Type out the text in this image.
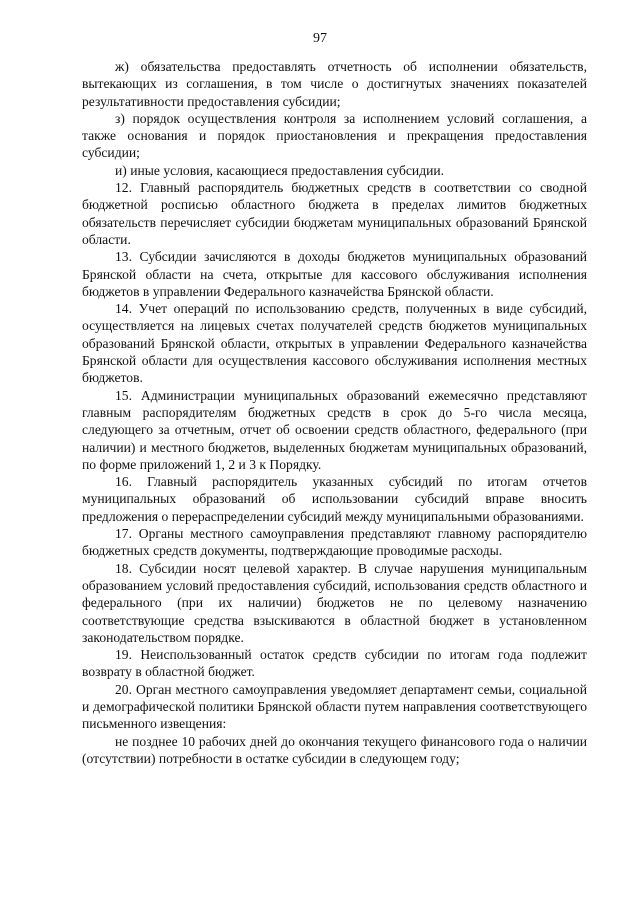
97

ж) обязательства предоставлять отчетность об исполнении обязательств, вытекающих из соглашения, в том числе о достигнутых значениях показателей результативности предоставления субсидии;

з) порядок осуществления контроля за исполнением условий соглашения, а также основания и порядок приостановления и прекращения предоставления субсидии;

и) иные условия, касающиеся предоставления субсидии.

12. Главный распорядитель бюджетных средств в соответствии со сводной бюджетной росписью областного бюджета в пределах лимитов бюджетных обязательств перечисляет субсидии бюджетам муниципальных образований Брянской области.

13. Субсидии зачисляются в доходы бюджетов муниципальных образований Брянской области на счета, открытые для кассового обслуживания исполнения бюджетов в управлении Федерального казначейства Брянской области.

14. Учет операций по использованию средств, полученных в виде субсидий, осуществляется на лицевых счетах получателей средств бюджетов муниципальных образований Брянской области, открытых в управлении Федерального казначейства Брянской области для осуществления кассового обслуживания исполнения местных бюджетов.

15. Администрации муниципальных образований ежемесячно представляют главным распорядителям бюджетных средств в срок до 5-го числа месяца, следующего за отчетным, отчет об освоении средств областного, федерального (при наличии) и местного бюджетов, выделенных бюджетам муниципальных образований, по форме приложений 1, 2 и 3 к Порядку.

16. Главный распорядитель указанных субсидий по итогам отчетов муниципальных образований об использовании субсидий вправе вносить предложения о перераспределении субсидий между муниципальными образованиями.

17. Органы местного самоуправления представляют главному распорядителю бюджетных средств документы, подтверждающие проводимые расходы.

18. Субсидии носят целевой характер. В случае нарушения муниципальным образованием условий предоставления субсидий, использования средств областного и федерального (при их наличии) бюджетов не по целевому назначению соответствующие средства взыскиваются в областной бюджет в установленном законодательством порядке.

19. Неиспользованный остаток средств субсидии по итогам года подлежит возврату в областной бюджет.

20. Орган местного самоуправления уведомляет департамент семьи, социальной и демографической политики Брянской области путем направления соответствующего письменного извещения:

не позднее 10 рабочих дней до окончания текущего финансового года о наличии (отсутствии) потребности в остатке субсидии в следующем году;
